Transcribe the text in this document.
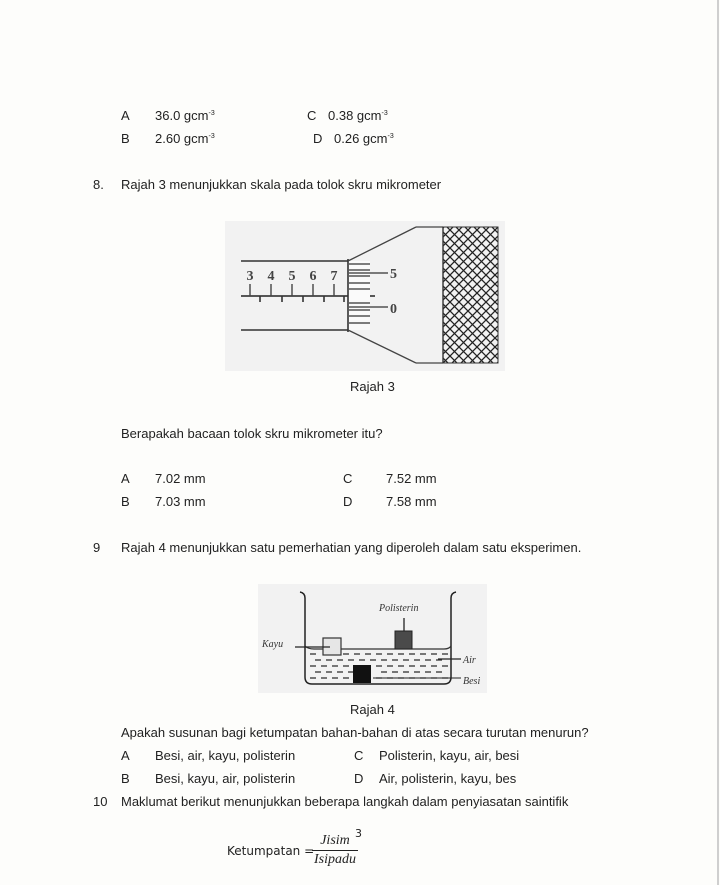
A 36.0 gcm$^{-3}$
B 2.60 gcm$^{-3}$
C 0.38 gcm$^{-3}$
D 0.26 gcm$^{-3}$
8. Rajah 3 menunjukkan skala pada tolok skru mikrometer
3 4 5 6 7	5
0
Rajah 3
Berapakah bacaan tolok skru mikrometer itu?
A 7.02 mm
B 7.03 mm
C	7.52 mm
D	7.58 mm
9 Rajah 4 menunjukkan satu pemerhatian yang diperoleh dalam satu eksperimen.
Polisterin
Kayu
Air
Besi
Rajah 4
Apakah susunan bagi ketumpatan bahan-bahan di atas secara turutan menurun?
A Besi, air, kayu, polisterin
B Besi, kayu, air, polisterin
C Polisterin, kayu, air, besi
D Air, polisterin, kayu, bes
10 Maklumat berikut menunjukkan beberapa langkah dalam penyiasatan saintifik
Ketumpatan =
Jisim
Isipadu
3
